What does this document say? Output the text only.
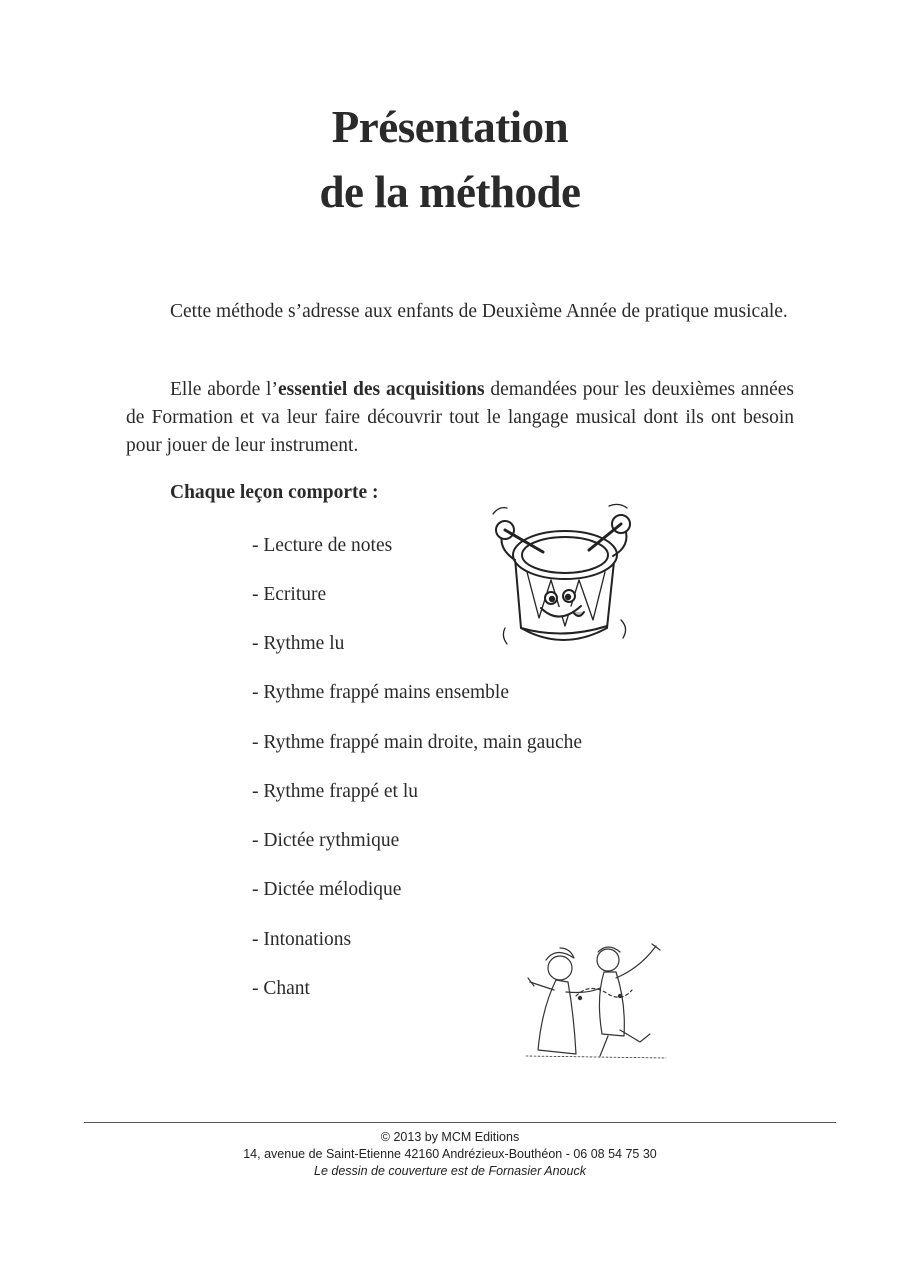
Présentation
de la méthode

Cette méthode s’adresse aux enfants de Deuxième Année de pratique musicale.

Elle aborde l’essentiel des acquisitions demandées pour les deuxièmes années de Formation et va leur faire découvrir tout le langage musical dont ils ont besoin pour jouer de leur instrument.

Chaque leçon comporte :

- Lecture de notes

- Ecriture

- Rythme lu

- Rythme frappé mains ensemble

- Rythme frappé main droite, main gauche

- Rythme frappé et lu

- Dictée rythmique

- Dictée mélodique

- Intonations

- Chant

© 2013 by MCM Editions

14, avenue de Saint-Etienne 42160 Andrézieux-Bouthéon - 06 08 54 75 30

Le dessin de couverture est de Fornasier Anouck
